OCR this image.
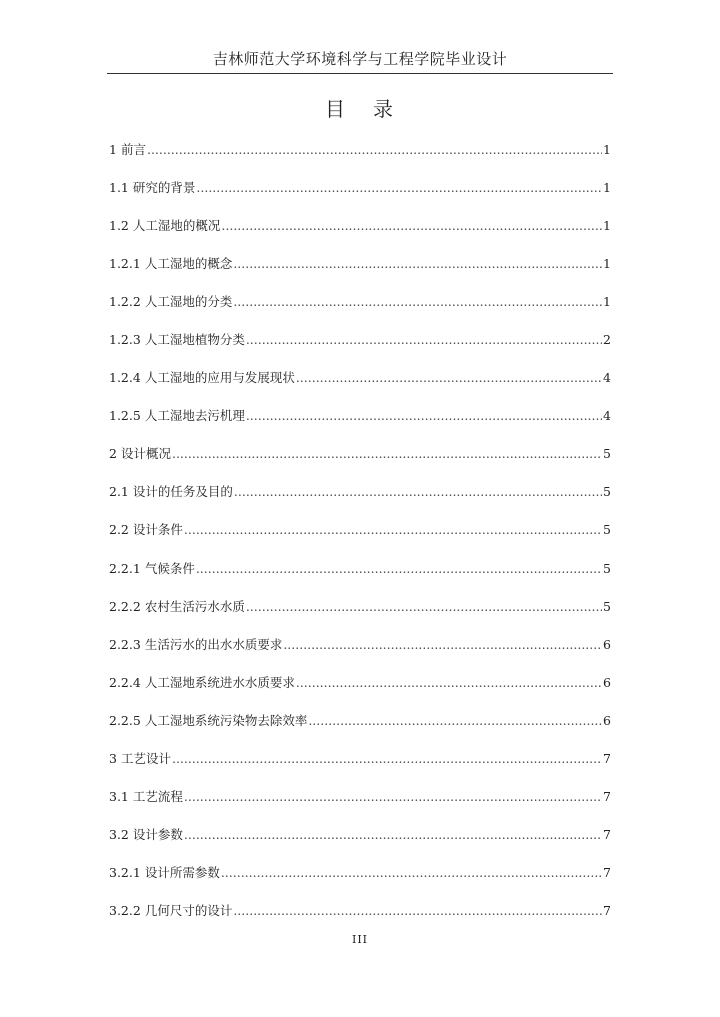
吉林师范大学环境科学与工程学院毕业设计
目 录
1 前言 .....	1
1.1 研究的背景 .....	1
1.2 人工湿地的概况 .....	1
1.2.1 人工湿地的概念 .....	1
1.2.2 人工湿地的分类 .....	1
1.2.3 人工湿地植物分类 .....	2
1.2.4 人工湿地的应用与发展现状 .....	4
1.2.5 人工湿地去污机理 .....	4
2 设计概况 .....	5
2.1 设计的任务及目的 .....	5
2.2 设计条件 .....	5
2.2.1 气候条件 .....	5
2.2.2 农村生活污水水质 .....	5
2.2.3 生活污水的出水水质要求 .....	6
2.2.4 人工湿地系统进水水质要求 .....	6
2.2.5 人工湿地系统污染物去除效率 .....	6
3 工艺设计 .....	7
3.1 工艺流程 .....	7
3.2 设计参数 .....	7
3.2.1 设计所需参数 .....	7
3.2.2 几何尺寸的设计 .....	7
III
